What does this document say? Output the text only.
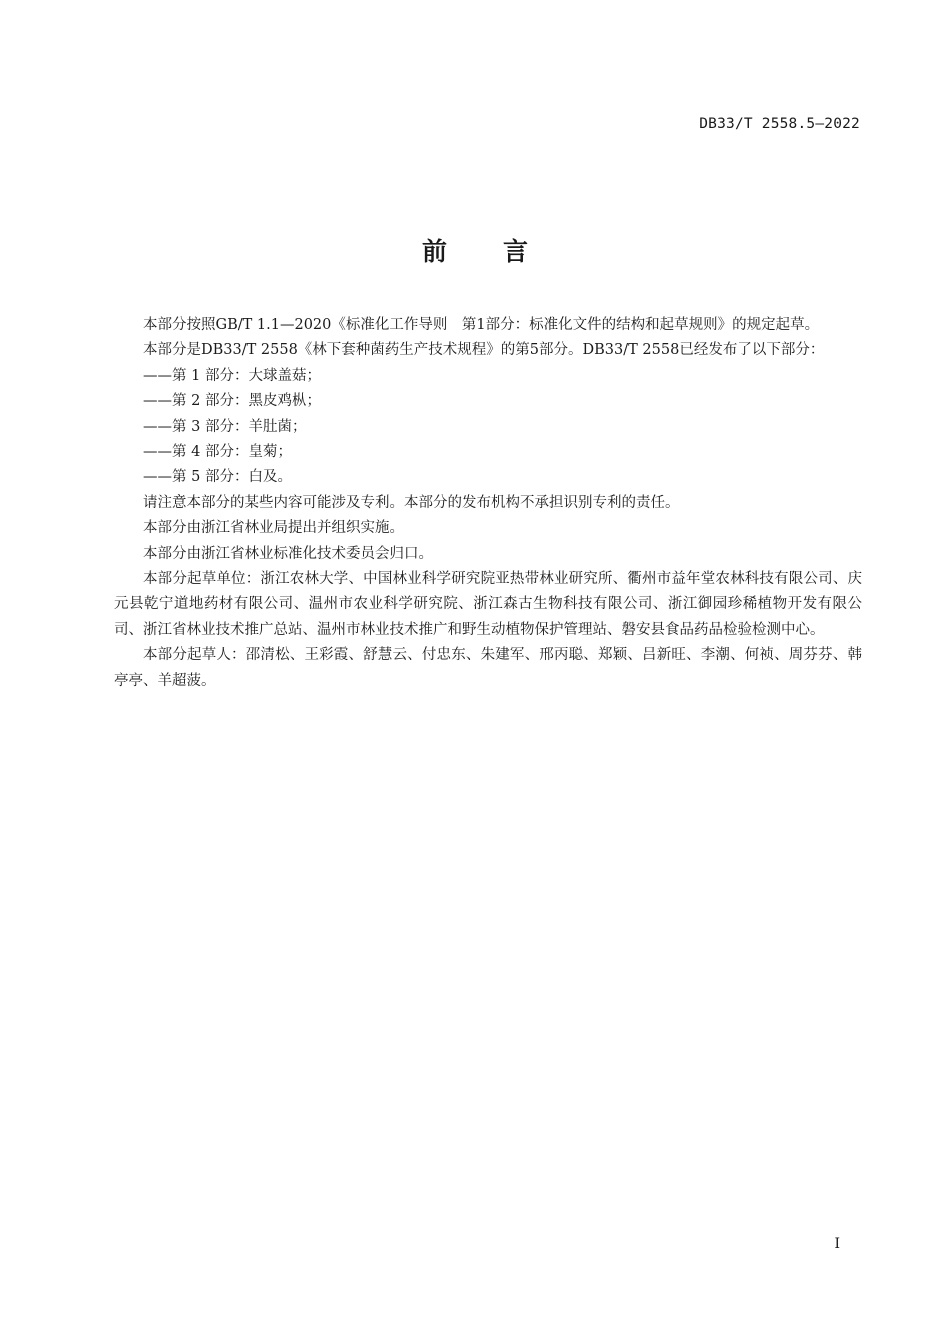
DB33/T 2558.5—2022
前言

本部分按照GB/T 1.1—2020《标准化工作导则　第1部分：标准化文件的结构和起草规则》的规定起草。

本部分是DB33/T 2558《林下套种菌药生产技术规程》的第5部分。DB33/T 2558已经发布了以下部分：

——第 1 部分：大球盖菇；

——第 2 部分：黑皮鸡枞；

——第 3 部分：羊肚菌；

——第 4 部分：皇菊；

——第 5 部分：白及。

请注意本部分的某些内容可能涉及专利。本部分的发布机构不承担识别专利的责任。

本部分由浙江省林业局提出并组织实施。

本部分由浙江省林业标准化技术委员会归口。

本部分起草单位：浙江农林大学、中国林业科学研究院亚热带林业研究所、衢州市益年堂农林科技有限公司、庆元县乾宁道地药材有限公司、温州市农业科学研究院、浙江森古生物科技有限公司、浙江御园珍稀植物开发有限公司、浙江省林业技术推广总站、温州市林业技术推广和野生动植物保护管理站、磐安县食品药品检验检测中心。

本部分起草人：邵清松、王彩霞、舒慧云、付忠东、朱建军、邢丙聪、郑颖、吕新旺、李潮、何祯、周芬芬、韩亭亭、羊超菠。

I
